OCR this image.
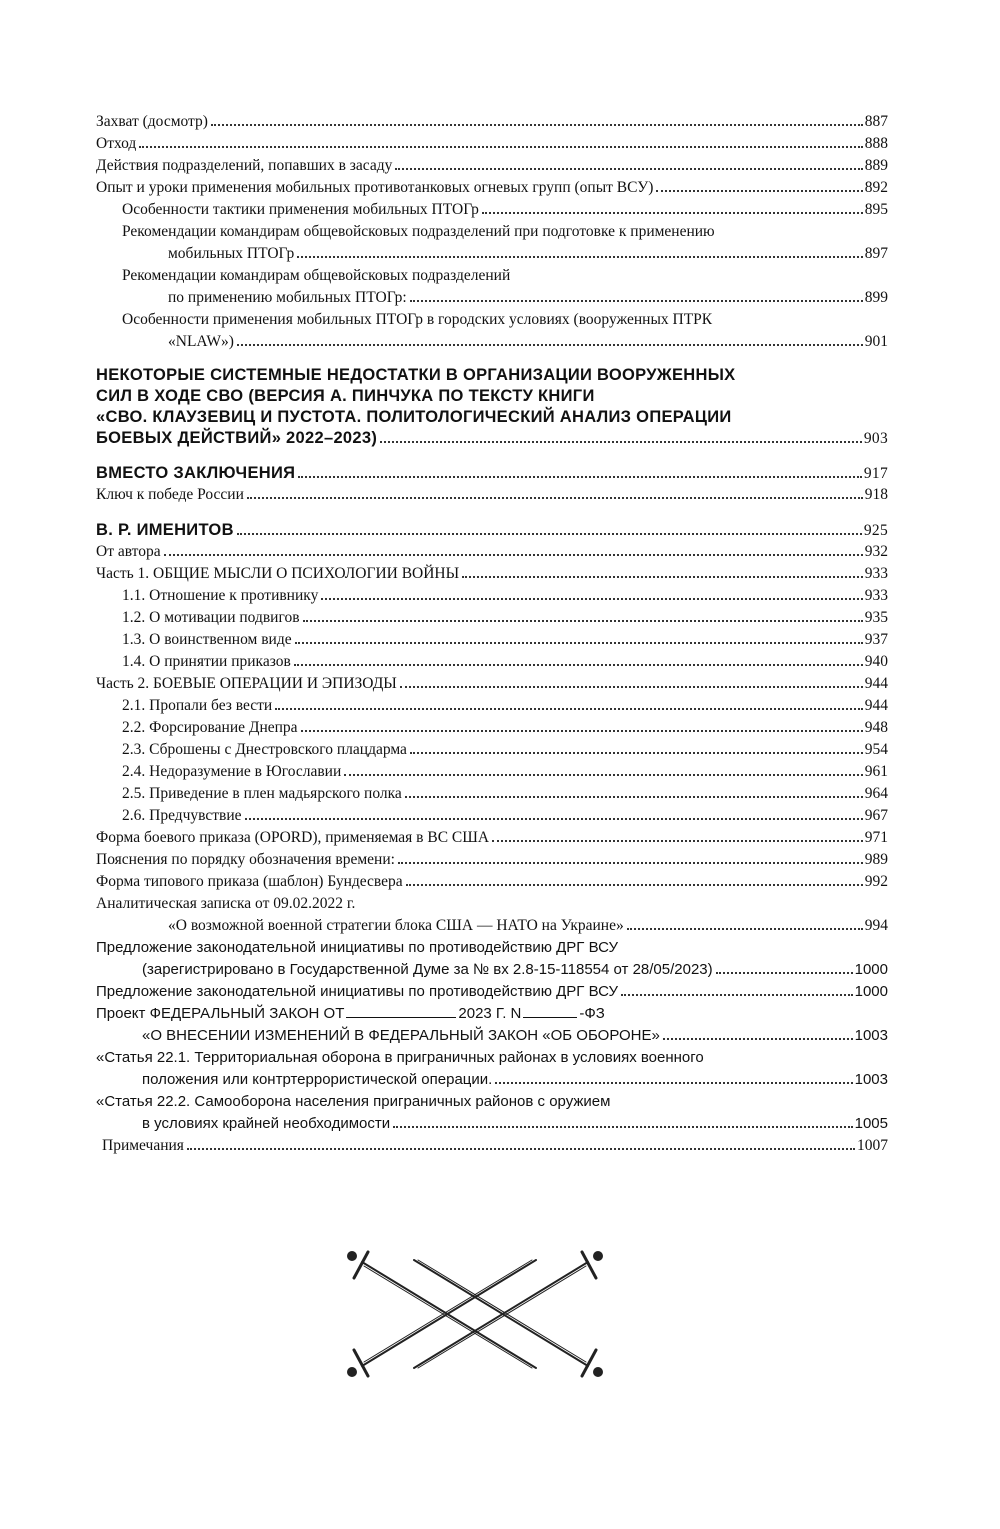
Захват (досмотр)	887
Отход	888
Действия подразделений, попавших в засаду	889
Опыт и уроки применения мобильных противотанковых огневых групп (опыт ВСУ)	892
Особенности тактики применения мобильных ПТОГр	895
Рекомендации командирам общевойсковых подразделений при подготовке к применению
мобильных ПТОГр	897
Рекомендации командирам общевойсковых подразделений
по применению мобильных ПТОГр:	899
Особенности применения мобильных ПТОГр в городских условиях (вооруженных ПТРК
«NLAW»)	901
НЕКОТОРЫЕ СИСТЕМНЫЕ НЕДОСТАТКИ В ОРГАНИЗАЦИИ ВООРУЖЕННЫХ
СИЛ В ХОДЕ СВО (ВЕРСИЯ А. ПИНЧУКА ПО ТЕКСТУ КНИГИ
«СВО. КЛАУЗЕВИЦ И ПУСТОТА. ПОЛИТОЛОГИЧЕСКИЙ АНАЛИЗ ОПЕРАЦИИ
БОЕВЫХ ДЕЙСТВИЙ» 2022–2023)	903
ВМЕСТО ЗАКЛЮЧЕНИЯ	917
Ключ к победе России	918
В. Р. ИМЕНИТОВ	925
От автора	932
Часть 1. ОБЩИЕ МЫСЛИ О ПСИХОЛОГИИ ВОЙНЫ	933
1.1. Отношение к противнику	933
1.2. О мотивации подвигов	935
1.3. О воинственном виде	937
1.4. О принятии приказов	940
Часть 2. БОЕВЫЕ ОПЕРАЦИИ И ЭПИЗОДЫ	944
2.1. Пропали без вести	944
2.2. Форсирование Днепра	948
2.3. Сброшены с Днестровского плацдарма	954
2.4. Недоразумение в Югославии	961
2.5. Приведение в плен мадьярского полка	964
2.6. Предчувствие	967
Форма боевого приказа (OPORD), применяемая в ВС США	971
Пояснения по порядку обозначения времени:	989
Форма типового приказа (шаблон) Бундесвера	992
Аналитическая записка от 09.02.2022 г.
«О возможной военной стратегии блока США — НАТО на Украине»	994
Предложение законодательной инициативы по противодействию ДРГ ВСУ
(зарегистрировано в Государственной Думе за № вх 2.8-15-118554 от 28/05/2023)	1000
Предложение законодательной инициативы по противодействию ДРГ ВСУ	1000
Проект ФЕДЕРАЛЬНЫЙ ЗАКОН ОТ	2023 Г. N	-ФЗ
«О ВНЕСЕНИИ ИЗМЕНЕНИЙ В ФЕДЕРАЛЬНЫЙ ЗАКОН «ОБ ОБОРОНЕ»	1003
«Статья 22.1. Территориальная оборона в приграничных районах в условиях военного
положения или контртеррористической операции.	1003
«Статья 22.2. Самооборона населения приграничных районов с оружием
в условиях крайней необходимости	1005
Примечания	1007
